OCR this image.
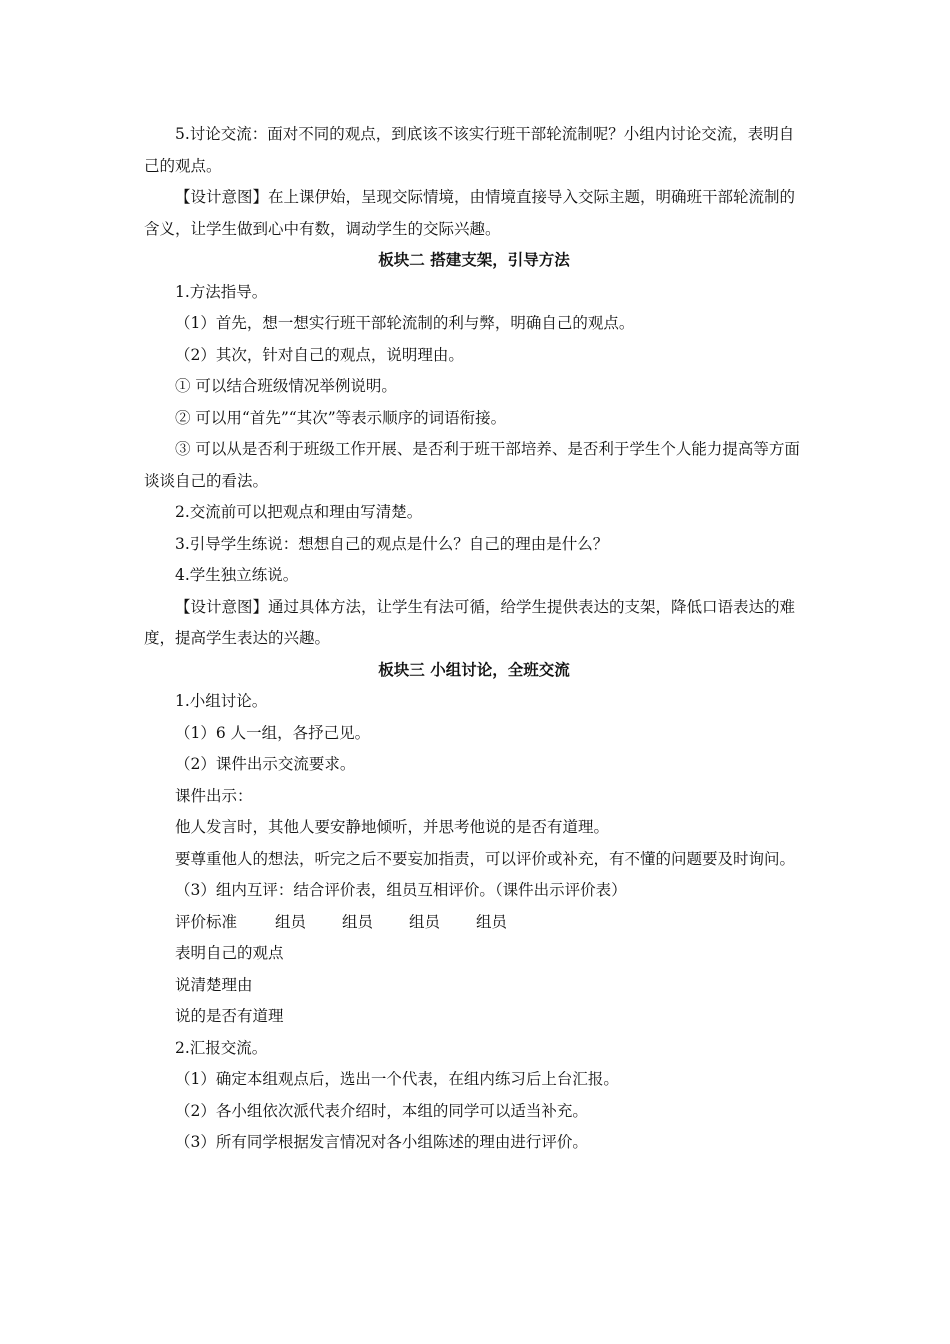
5.讨论交流：面对不同的观点，到底该不该实行班干部轮流制呢？小组内讨论交流，表明自己的观点。

【设计意图】在上课伊始，呈现交际情境，由情境直接导入交际主题，明确班干部轮流制的含义，让学生做到心中有数，调动学生的交际兴趣。

板块二 搭建支架，引导方法

1.方法指导。

（1）首先，想一想实行班干部轮流制的利与弊，明确自己的观点。

（2）其次，针对自己的观点，说明理由。

① 可以结合班级情况举例说明。

② 可以用“首先”“其次”等表示顺序的词语衔接。

③ 可以从是否利于班级工作开展、是否利于班干部培养、是否利于学生个人能力提高等方面谈谈自己的看法。

2.交流前可以把观点和理由写清楚。

3.引导学生练说：想想自己的观点是什么？自己的理由是什么？

4.学生独立练说。

【设计意图】通过具体方法，让学生有法可循，给学生提供表达的支架，降低口语表达的难度，提高学生表达的兴趣。

板块三 小组讨论，全班交流

1.小组讨论。

（1）6 人一组，各抒己见。

（2）课件出示交流要求。

课件出示：

他人发言时，其他人要安静地倾听，并思考他说的是否有道理。

要尊重他人的想法，听完之后不要妄加指责，可以评价或补充，有不懂的问题要及时询问。

（3）组内互评：结合评价表，组员互相评价。（课件出示评价表）

评价标准	组员	组员	组员	组员
表明自己的观点
说清楚理由
说的是否有道理

2.汇报交流。

（1）确定本组观点后，选出一个代表，在组内练习后上台汇报。

（2）各小组依次派代表介绍时，本组的同学可以适当补充。

（3）所有同学根据发言情况对各小组陈述的理由进行评价。
